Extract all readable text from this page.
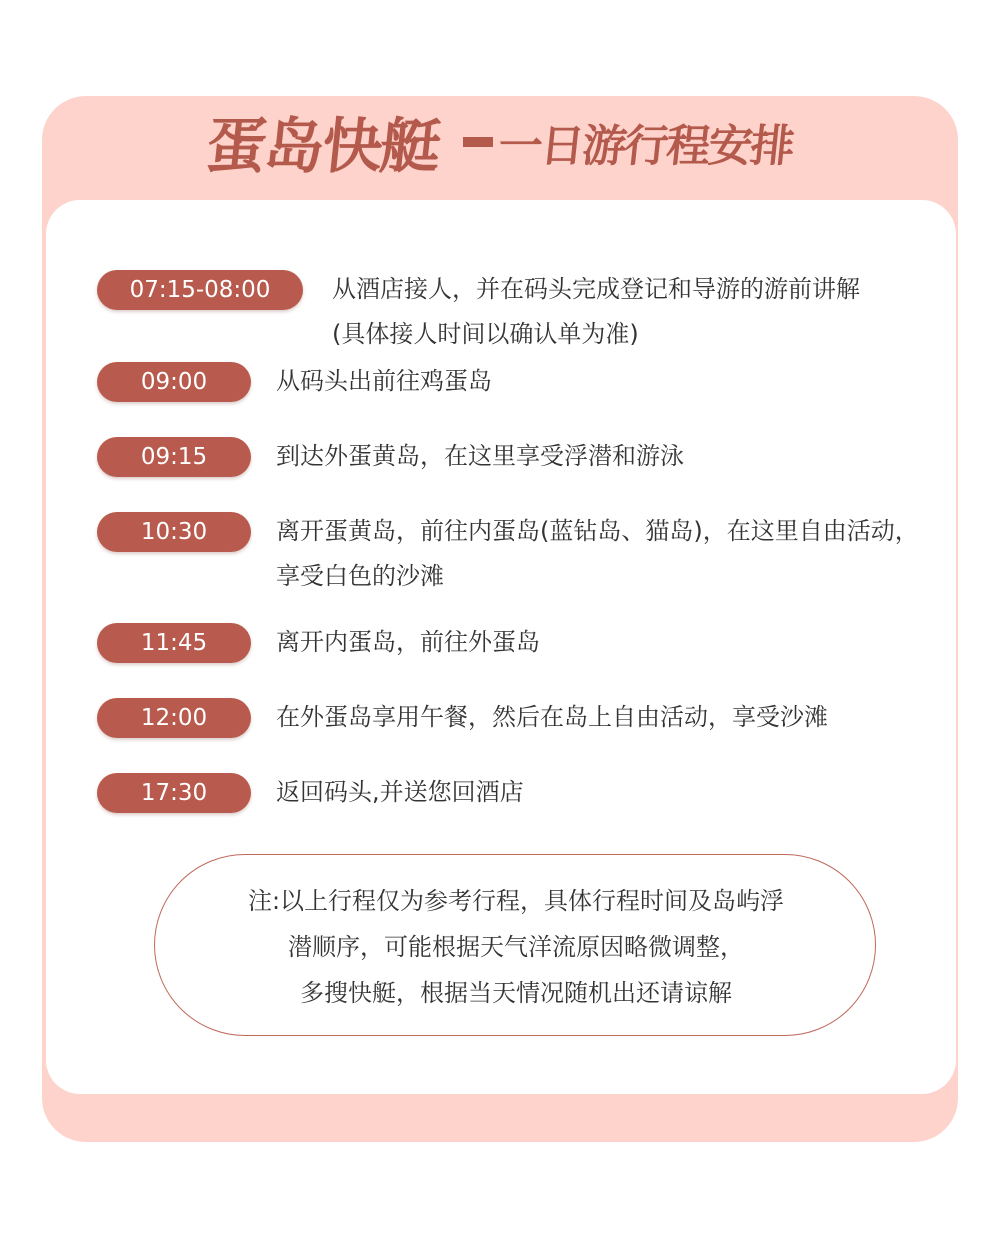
蛋岛快艇 一日游行程安排
07:15-08:00	从酒店接人，并在码头完成登记和导游的游前讲解
(具体接人时间以确认单为准)
09:00	从码头出前往鸡蛋岛
09:15	到达外蛋黄岛，在这里享受浮潜和游泳
10:30	离开蛋黄岛，前往内蛋岛(蓝钻岛、猫岛)，在这里自由活动，
享受白色的沙滩
11:45	离开内蛋岛，前往外蛋岛
12:00	在外蛋岛享用午餐，然后在岛上自由活动，享受沙滩
17:30	返回码头,并送您回酒店
注:以上行程仅为参考行程，具体行程时间及岛屿浮
潜顺序，可能根据天气洋流原因略微调整，
多搜快艇，根据当天情况随机出还请谅解
